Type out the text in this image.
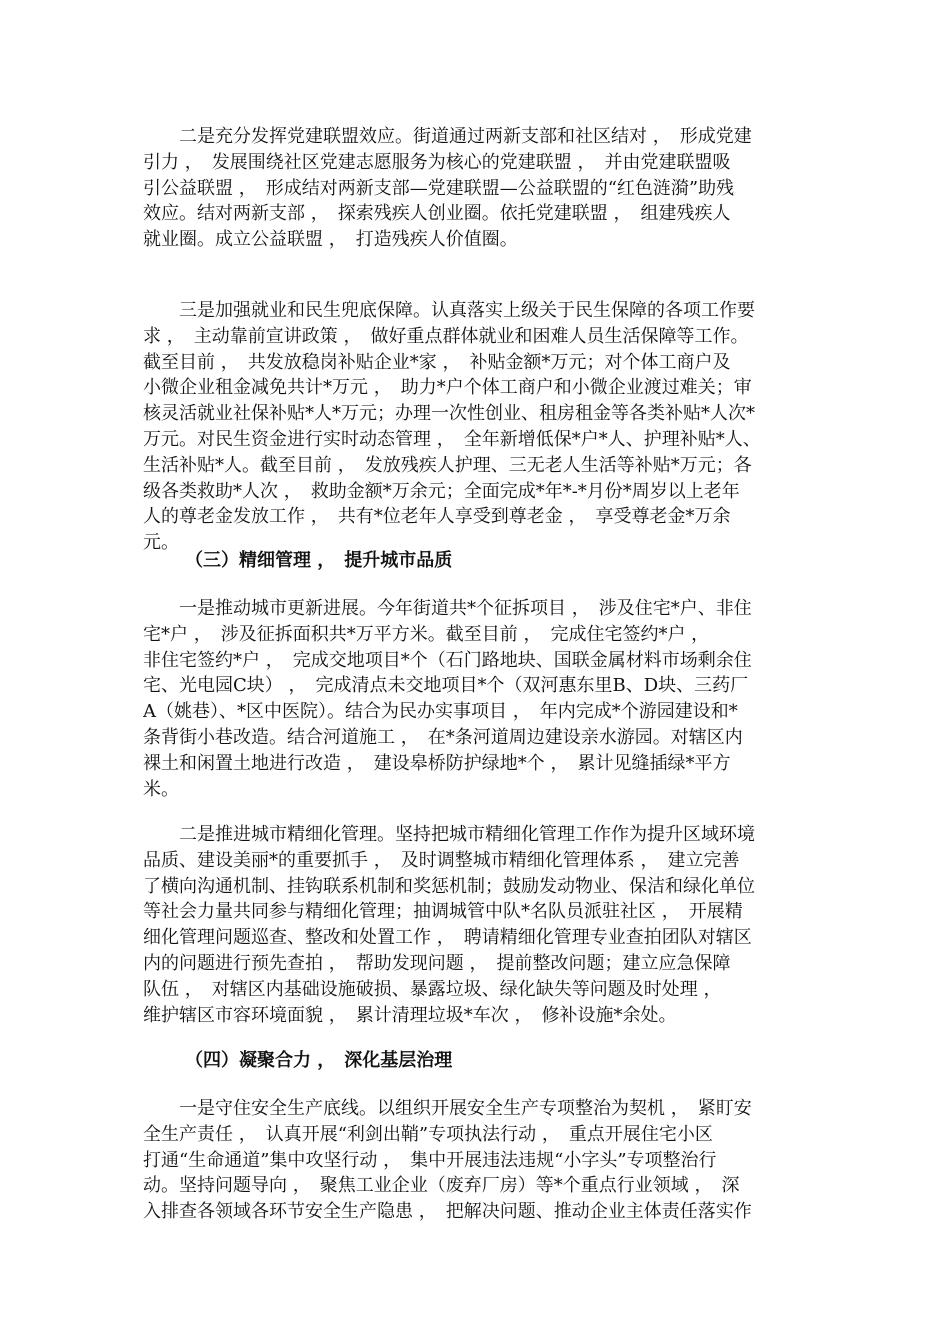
　　二是充分发挥党建联盟效应。街道通过两新支部和社区结对 ，　形成党建
引力 ，　发展围绕社区党建志愿服务为核心的党建联盟 ，　并由党建联盟吸
引公益联盟 ，　形成结对两新支部—党建联盟—公益联盟的“红色涟漪”助残
效应。结对两新支部 ，　探索残疾人创业圈。依托党建联盟 ，　组建残疾人
就业圈。成立公益联盟 ，　打造残疾人价值圈。
　　三是加强就业和民生兜底保障。认真落实上级关于民生保障的各项工作要
求 ，　主动靠前宣讲政策 ，　做好重点群体就业和困难人员生活保障等工作。
截至目前 ，　共发放稳岗补贴企业*家 ，　补贴金额*万元；对个体工商户及
小微企业租金减免共计*万元 ，　助力*户个体工商户和小微企业渡过难关；审
核灵活就业社保补贴*人*万元；办理一次性创业、租房租金等各类补贴*人次*
万元。对民生资金进行实时动态管理 ，　全年新增低保*户*人、护理补贴*人、
生活补贴*人。截至目前 ，　发放残疾人护理、三无老人生活等补贴*万元；各
级各类救助*人次 ，　救助金额*万余元；全面完成*年*-*月份*周岁以上老年
人的尊老金发放工作 ，　共有*位老年人享受到尊老金 ，　享受尊老金*万余
元。
（三）精细管理 ，　提升城市品质
　　一是推动城市更新进展。今年街道共*个征拆项目 ，　涉及住宅*户、非住
宅*户 ，　涉及征拆面积共*万平方米。截至目前 ，　完成住宅签约*户 ，
非住宅签约*户 ，　完成交地项目*个（石门路地块、国联金属材料市场剩余住
宅、光电园C块） ，　完成清点未交地项目*个（双河惠东里B、D块、三药厂
A（姚巷）、*区中医院）。结合为民办实事项目 ，　年内完成*个游园建设和*
条背街小巷改造。结合河道施工 ，　在*条河道周边建设亲水游园。对辖区内
裸土和闲置土地进行改造 ，　建设皋桥防护绿地*个 ，　累计见缝插绿*平方
米。
　　二是推进城市精细化管理。坚持把城市精细化管理工作作为提升区域环境
品质、建设美丽*的重要抓手 ，　及时调整城市精细化管理体系 ，　建立完善
了横向沟通机制、挂钩联系机制和奖惩机制；鼓励发动物业、保洁和绿化单位
等社会力量共同参与精细化管理；抽调城管中队*名队员派驻社区 ，　开展精
细化管理问题巡查、整改和处置工作 ，　聘请精细化管理专业查拍团队对辖区
内的问题进行预先查拍 ，　帮助发现问题 ，　提前整改问题；建立应急保障
队伍 ，　对辖区内基础设施破损、暴露垃圾、绿化缺失等问题及时处理 ，
维护辖区市容环境面貌 ，　累计清理垃圾*车次 ，　修补设施*余处。
（四）凝聚合力 ，　深化基层治理
　　一是守住安全生产底线。以组织开展安全生产专项整治为契机 ，　紧盯安
全生产责任 ，　认真开展“利剑出鞘”专项执法行动 ，　重点开展住宅小区
打通“生命通道”集中攻坚行动 ，　集中开展违法违规“小字头”专项整治行
动。坚持问题导向 ，　聚焦工业企业（废弃厂房）等*个重点行业领域 ，　深
入排查各领域各环节安全生产隐患 ，　把解决问题、推动企业主体责任落实作
